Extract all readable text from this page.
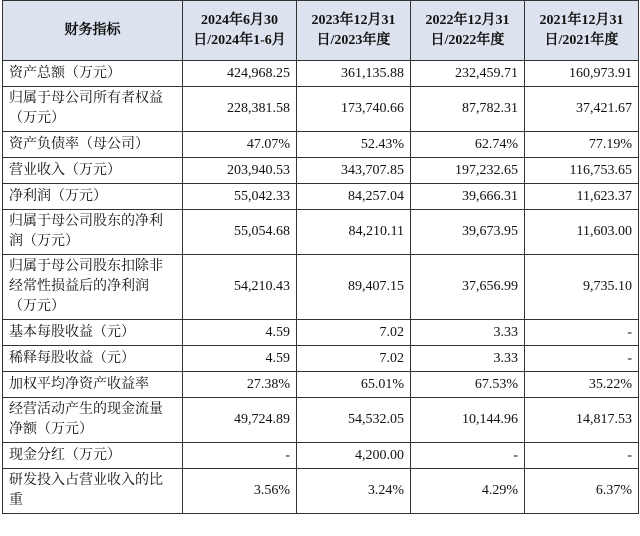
财务指标	2024年6月30日/2024年1-6月	2023年12月31日/2023年度	2022年12月31日/2022年度	2021年12月31日/2021年度
资产总额（万元）	424,968.25	361,135.88	232,459.71	160,973.91
归属于母公司所有者权益（万元）	228,381.58	173,740.66	87,782.31	37,421.67
资产负债率（母公司）	47.07%	52.43%	62.74%	77.19%
营业收入（万元）	203,940.53	343,707.85	197,232.65	116,753.65
净利润（万元）	55,042.33	84,257.04	39,666.31	11,623.37
归属于母公司股东的净利润（万元）	55,054.68	84,210.11	39,673.95	11,603.00
归属于母公司股东扣除非经常性损益后的净利润（万元）	54,210.43	89,407.15	37,656.99	9,735.10
基本每股收益（元）	4.59	7.02	3.33	-
稀释每股收益（元）	4.59	7.02	3.33	-
加权平均净资产收益率	27.38%	65.01%	67.53%	35.22%
经营活动产生的现金流量净额（万元）	49,724.89	54,532.05	10,144.96	14,817.53
现金分红（万元）	-	4,200.00	-	-
研发投入占营业收入的比重	3.56%	3.24%	4.29%	6.37%
